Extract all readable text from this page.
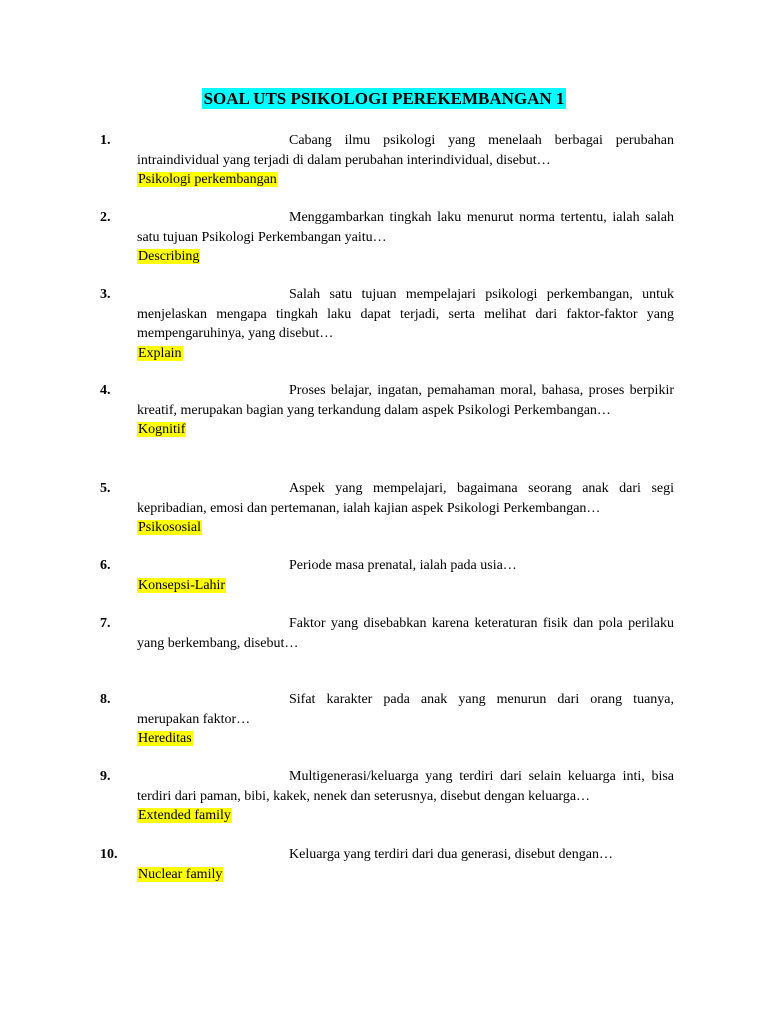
SOAL UTS PSIKOLOGI PEREKEMBANGAN 1
1.	Cabang ilmu psikologi yang menelaah berbagai perubahan intraindividual yang terjadi di dalam perubahan interindividual, disebut…
Psikologi perkembangan
2.	Menggambarkan tingkah laku menurut norma tertentu, ialah salah satu tujuan Psikologi Perkembangan yaitu…
Describing
3.	Salah satu tujuan mempelajari psikologi perkembangan, untuk menjelaskan mengapa tingkah laku dapat terjadi, serta melihat dari faktor-faktor yang mempengaruhinya, yang disebut…
Explain
4.	Proses belajar, ingatan, pemahaman moral, bahasa, proses berpikir kreatif, merupakan bagian yang terkandung dalam aspek Psikologi Perkembangan…
Kognitif
5.	Aspek yang mempelajari, bagaimana seorang anak dari segi kepribadian, emosi dan pertemanan, ialah kajian aspek Psikologi Perkembangan…
Psikososial
6.	Periode masa prenatal, ialah pada usia…
Konsepsi-Lahir
7.	Faktor yang disebabkan karena keteraturan fisik dan pola perilaku yang berkembang, disebut…
8.	Sifat karakter pada anak yang menurun dari orang tuanya, merupakan faktor…
Hereditas
9.	Multigenerasi/keluarga yang terdiri dari selain keluarga inti, bisa terdiri dari paman, bibi, kakek, nenek dan seterusnya, disebut dengan keluarga…
Extended family
10.	Keluarga yang terdiri dari dua generasi, disebut dengan…
Nuclear family
